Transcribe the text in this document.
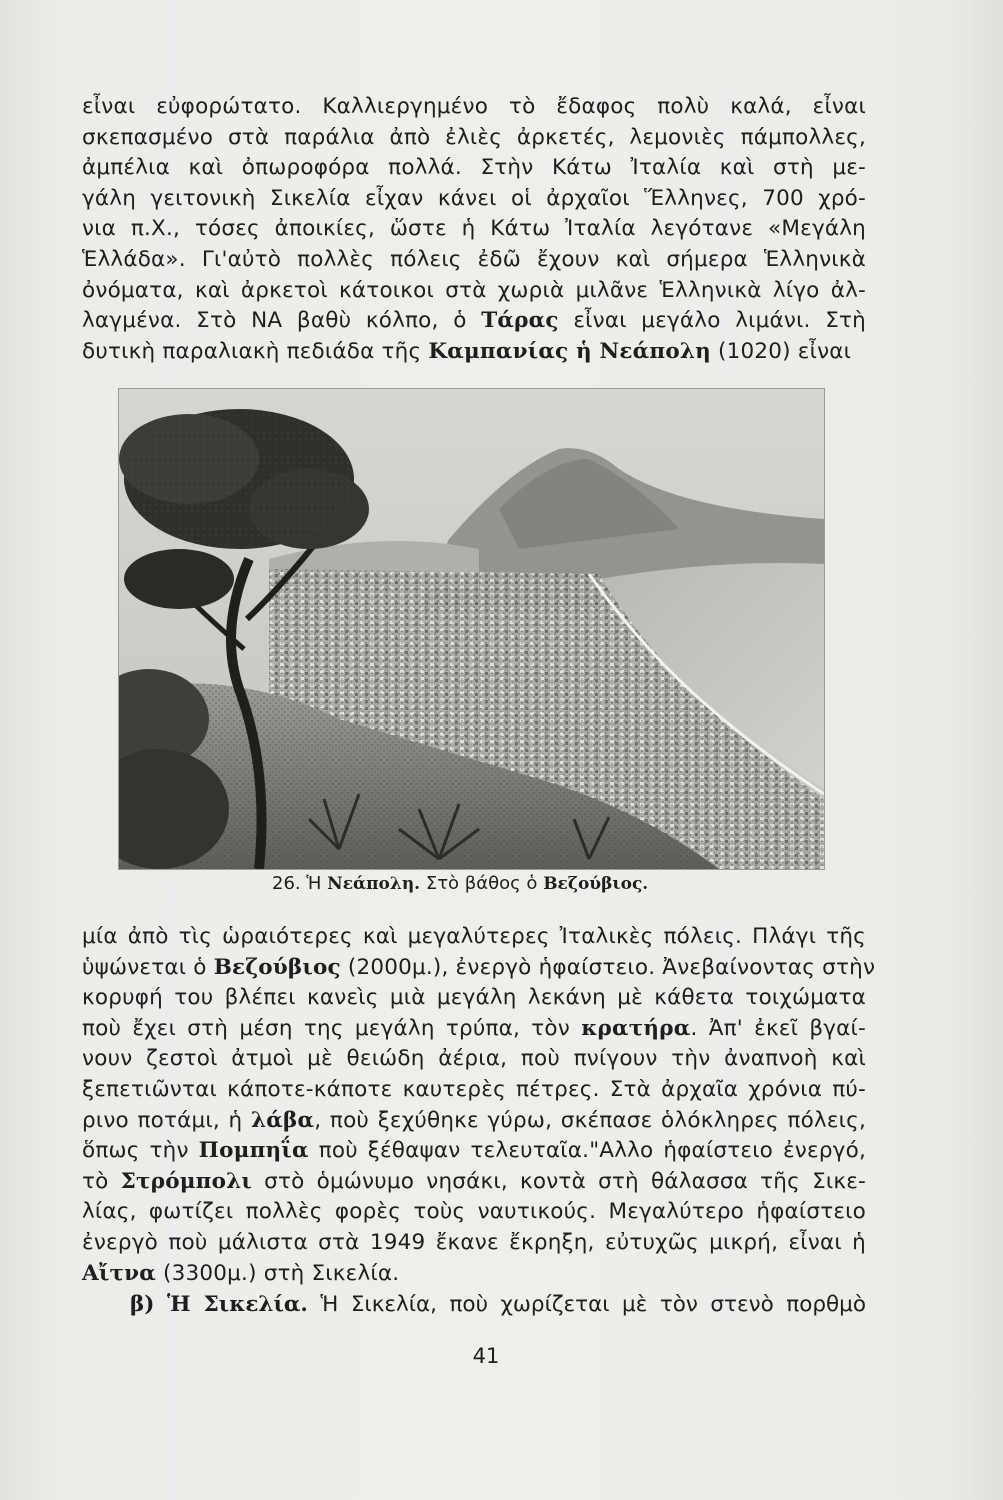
εἶναι εὐφορώτατο. Καλλιεργημένο τὸ ἔδαφος πολὺ καλά, εἶναι
σκεπασμένο στὰ παράλια ἀπὸ ἐλιὲς ἀρκετές, λεμονιὲς πάμπολλες,
ἀμπέλια καὶ ὀπωροφόρα πολλά. Στὴν Κάτω Ἰταλία καὶ στὴ με-
γάλη γειτονικὴ Σικελία εἶχαν κάνει οἱ ἀρχαῖοι Ἕλληνες, 700 χρό-
νια π.Χ., τόσες ἀποικίες, ὥστε ἡ Κάτω Ἰταλία λεγότανε «Μεγάλη
Ἑλλάδα». Γι'αὐτὸ πολλὲς πόλεις ἐδῶ ἔχουν καὶ σήμερα Ἑλληνικὰ
ὀνόματα, καὶ ἀρκετοὶ κάτοικοι στὰ χωριὰ μιλᾶνε Ἑλληνικὰ λίγο ἀλ-
λαγμένα. Στὸ ΝΑ βαθὺ κόλπο, ὁ Τάρας εἶναι μεγάλο λιμάνι. Στὴ
δυτικὴ παραλιακὴ πεδιάδα τῆς Καμπανίας ἡ Νεάπολη (1020) εἶναι
26. Ἡ Νεάπολη. Στὸ βάθος ὁ Βεζούβιος.
μία ἀπὸ τὶς ὡραιότερες καὶ μεγαλύτερες Ἰταλικὲς πόλεις. Πλάγι τῆς
ὑψώνεται ὁ Βεζούβιος (2000μ.), ἐνεργὸ ἡφαίστειο. Ἀνεβαίνοντας στὴν
κορυφή του βλέπει κανεὶς μιὰ μεγάλη λεκάνη μὲ κάθετα τοιχώματα
ποὺ ἔχει στὴ μέση της μεγάλη τρύπα, τὸν κρατήρα. Ἀπ' ἐκεῖ βγαί-
νουν ζεστοὶ ἀτμοὶ μὲ θειώδη ἀέρια, ποὺ πνίγουν τὴν ἀναπνοὴ καὶ
ξεπετιῶνται κάποτε-κάποτε καυτερὲς πέτρες. Στὰ ἀρχαῖα χρόνια πύ-
ρινο ποτάμι, ἡ λάβα, ποὺ ξεχύθηκε γύρω, σκέπασε ὁλόκληρες πόλεις,
ὅπως τὴν Πομπηΐα ποὺ ξέθαψαν τελευταῖα."Αλλο ἡφαίστειο ἐνεργό,
τὸ Στρόμπολι στὸ ὁμώνυμο νησάκι, κοντὰ στὴ θάλασσα τῆς Σικε-
λίας, φωτίζει πολλὲς φορὲς τοὺς ναυτικούς. Μεγαλύτερο ἡφαίστειο
ἐνεργὸ ποὺ μάλιστα στὰ 1949 ἔκανε ἔκρηξη, εὐτυχῶς μικρή, εἶναι ἡ
Αἴτνα (3300μ.) στὴ Σικελία.
β) Ἡ Σικελία. Ἡ Σικελία, ποὺ χωρίζεται μὲ τὸν στενὸ πορθμὸ
41
